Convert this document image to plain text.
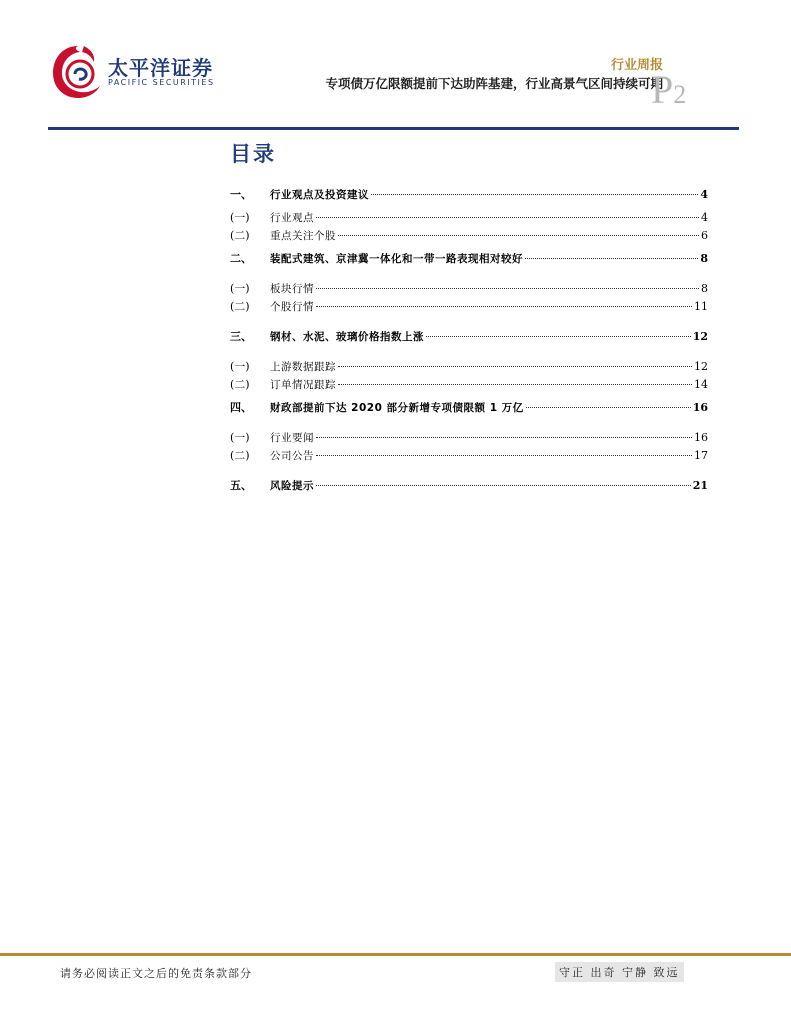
太平洋证券
PACIFIC SECURITIES
行业周报
专项债万亿限额提前下达助阵基建，行业高景气区间持续可期
P2
目录
一、	行业观点及投资建议	4
(一)	行业观点	4
(二)	重点关注个股	6
二、	装配式建筑、京津冀一体化和一带一路表现相对较好	8
(一)	板块行情	8
(二)	个股行情	11
三、	钢材、水泥、玻璃价格指数上涨	12
(一)	上游数据跟踪	12
(二)	订单情况跟踪	14
四、	财政部提前下达 2020 部分新增专项债限额 1 万亿	16
(一)	行业要闻	16
(二)	公司公告	17
五、	风险提示	21
请务必阅读正文之后的免责条款部分	守正 出奇 宁静 致远
